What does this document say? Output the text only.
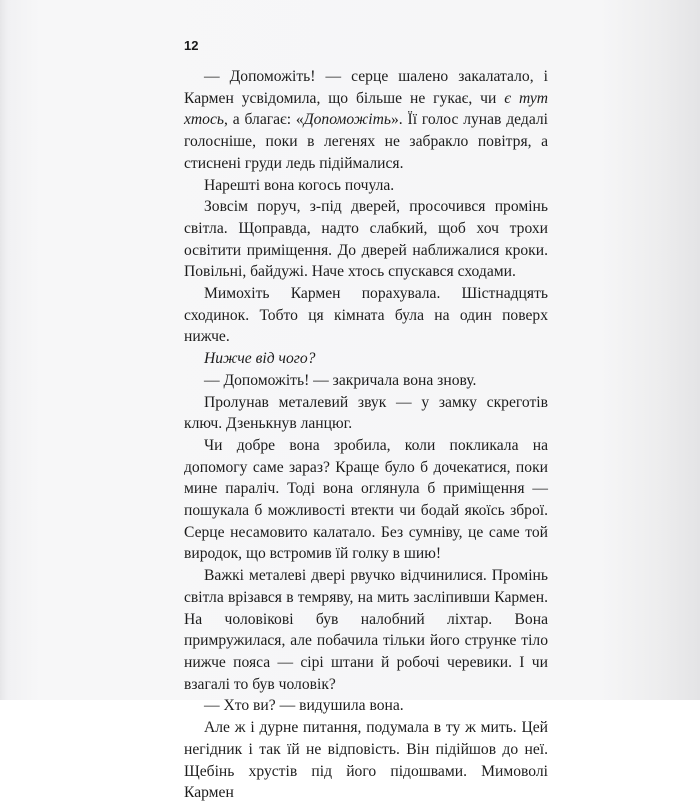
12

— Допоможіть! — серце шалено закалатало, і Кармен усвідомила, що більше не гукає, чи є тут хтось, а благає: «Допоможіть». Її голос лунав дедалі голосніше, поки в легенях не забракло повітря, а стиснені груди ледь підіймалися.

Нарешті вона когось почула.

Зовсім поруч, з-під дверей, просочився промінь світла. Щоправда, надто слабкий, щоб хоч трохи освітити приміщення. До дверей наближалися кроки. Повільні, байдужі. Наче хтось спускався сходами.

Мимохіть Кармен порахувала. Шістнадцять сходинок. Тобто ця кімната була на один поверх нижче.

Нижче від чого?

— Допоможіть! — закричала вона знову.

Пролунав металевий звук — у замку скреготів ключ. Дзенькнув ланцюг.

Чи добре вона зробила, коли покликала на допомогу саме зараз? Краще було б дочекатися, поки мине параліч. Тоді вона оглянула б приміщення — пошукала б можливості втекти чи бодай якоїсь зброї. Серце несамовито калатало. Без сумніву, це саме той виродок, що встромив їй голку в шию!

Важкі металеві двері рвучко відчинилися. Промінь світла врізався в темряву, на мить засліпивши Кармен. На чоловікові був налобний ліхтар. Вона примружилася, але побачила тільки його струнке тіло нижче пояса — сірі штани й робочі черевики. І чи взагалі то був чоловік?

— Хто ви? — видушила вона.

Але ж і дурне питання, подумала в ту ж мить. Цей негідник і так їй не відповість. Він підійшов до неї. Щебінь хрустів під його підошвами. Мимоволі Кармен
